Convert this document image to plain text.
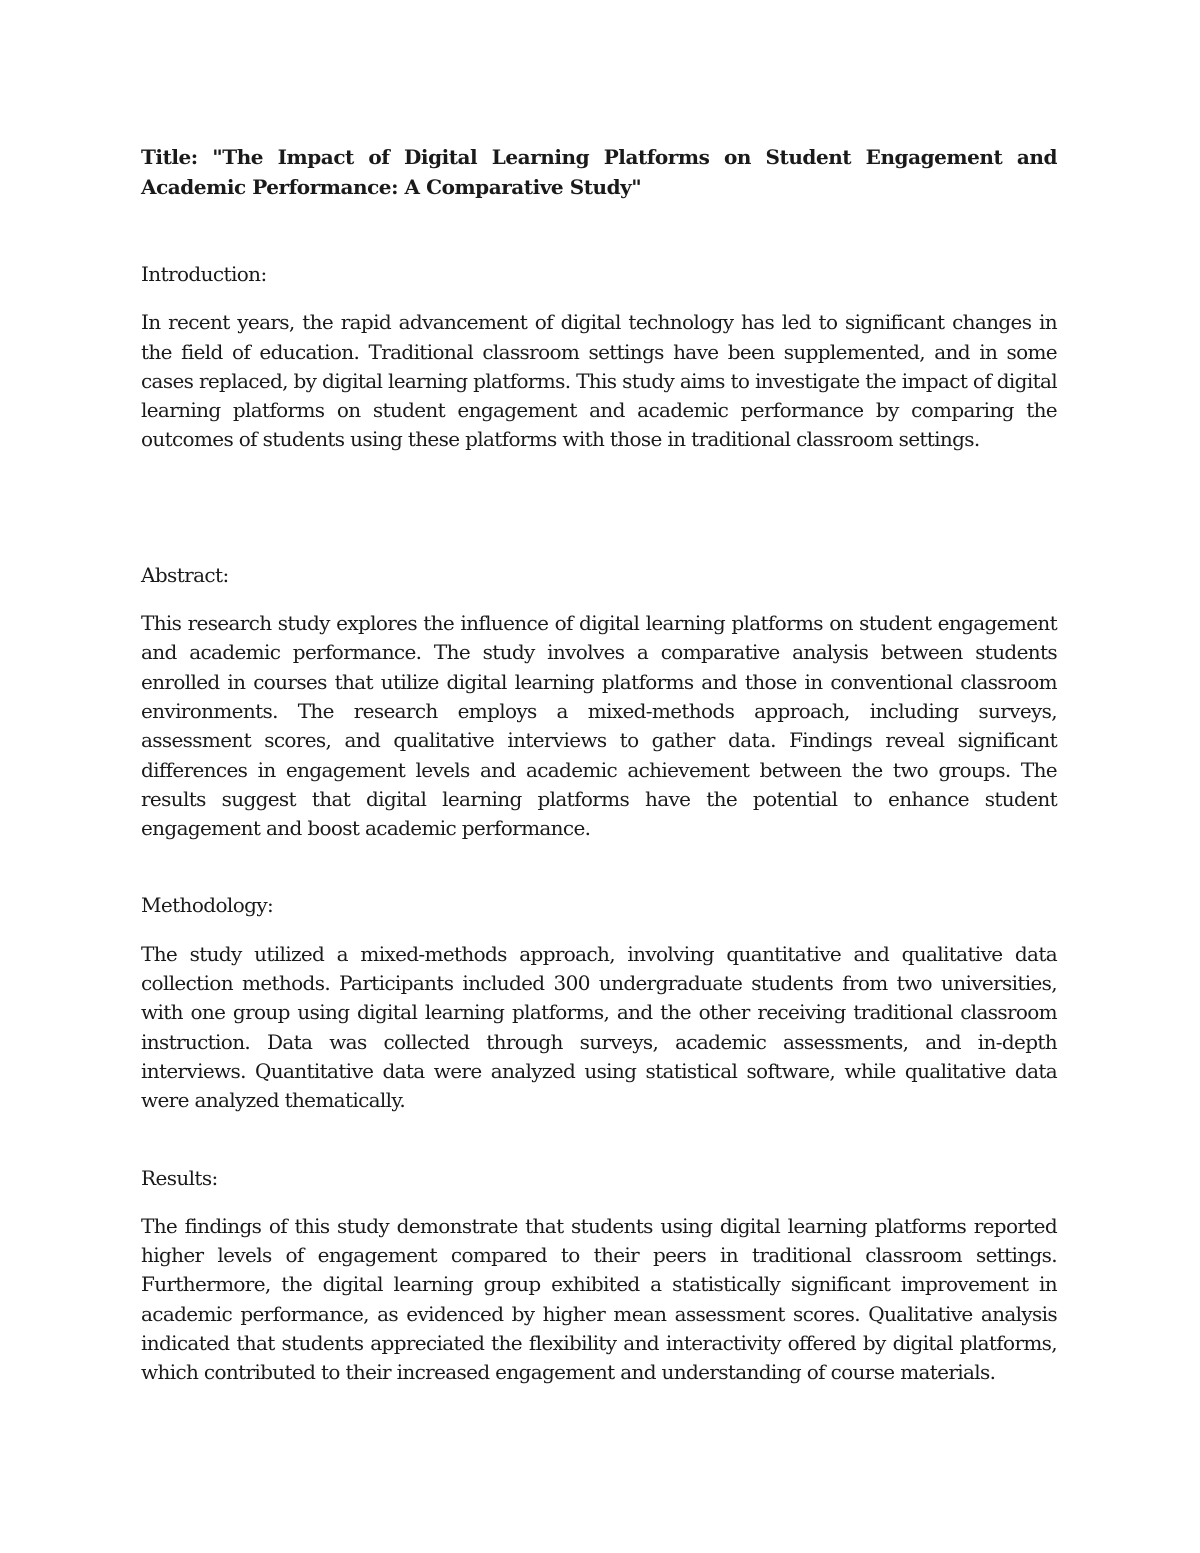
Title: "The Impact of Digital Learning Platforms on Student Engagement and Academic Performance: A Comparative Study"

Introduction:

In recent years, the rapid advancement of digital technology has led to significant changes in the field of education. Traditional classroom settings have been supplemented, and in some cases replaced, by digital learning platforms. This study aims to investigate the impact of digital learning platforms on student engagement and academic performance by comparing the outcomes of students using these platforms with those in traditional classroom settings.

Abstract:

This research study explores the influence of digital learning platforms on student engagement and academic performance. The study involves a comparative analysis between students enrolled in courses that utilize digital learning platforms and those in conventional classroom environments. The research employs a mixed-methods approach, including surveys, assessment scores, and qualitative interviews to gather data. Findings reveal significant differences in engagement levels and academic achievement between the two groups. The results suggest that digital learning platforms have the potential to enhance student engagement and boost academic performance.

Methodology:

The study utilized a mixed-methods approach, involving quantitative and qualitative data collection methods. Participants included 300 undergraduate students from two universities, with one group using digital learning platforms, and the other receiving traditional classroom instruction. Data was collected through surveys, academic assessments, and in-depth interviews. Quantitative data were analyzed using statistical software, while qualitative data were analyzed thematically.

Results:

The findings of this study demonstrate that students using digital learning platforms reported higher levels of engagement compared to their peers in traditional classroom settings. Furthermore, the digital learning group exhibited a statistically significant improvement in academic performance, as evidenced by higher mean assessment scores. Qualitative analysis indicated that students appreciated the flexibility and interactivity offered by digital platforms, which contributed to their increased engagement and understanding of course materials.
